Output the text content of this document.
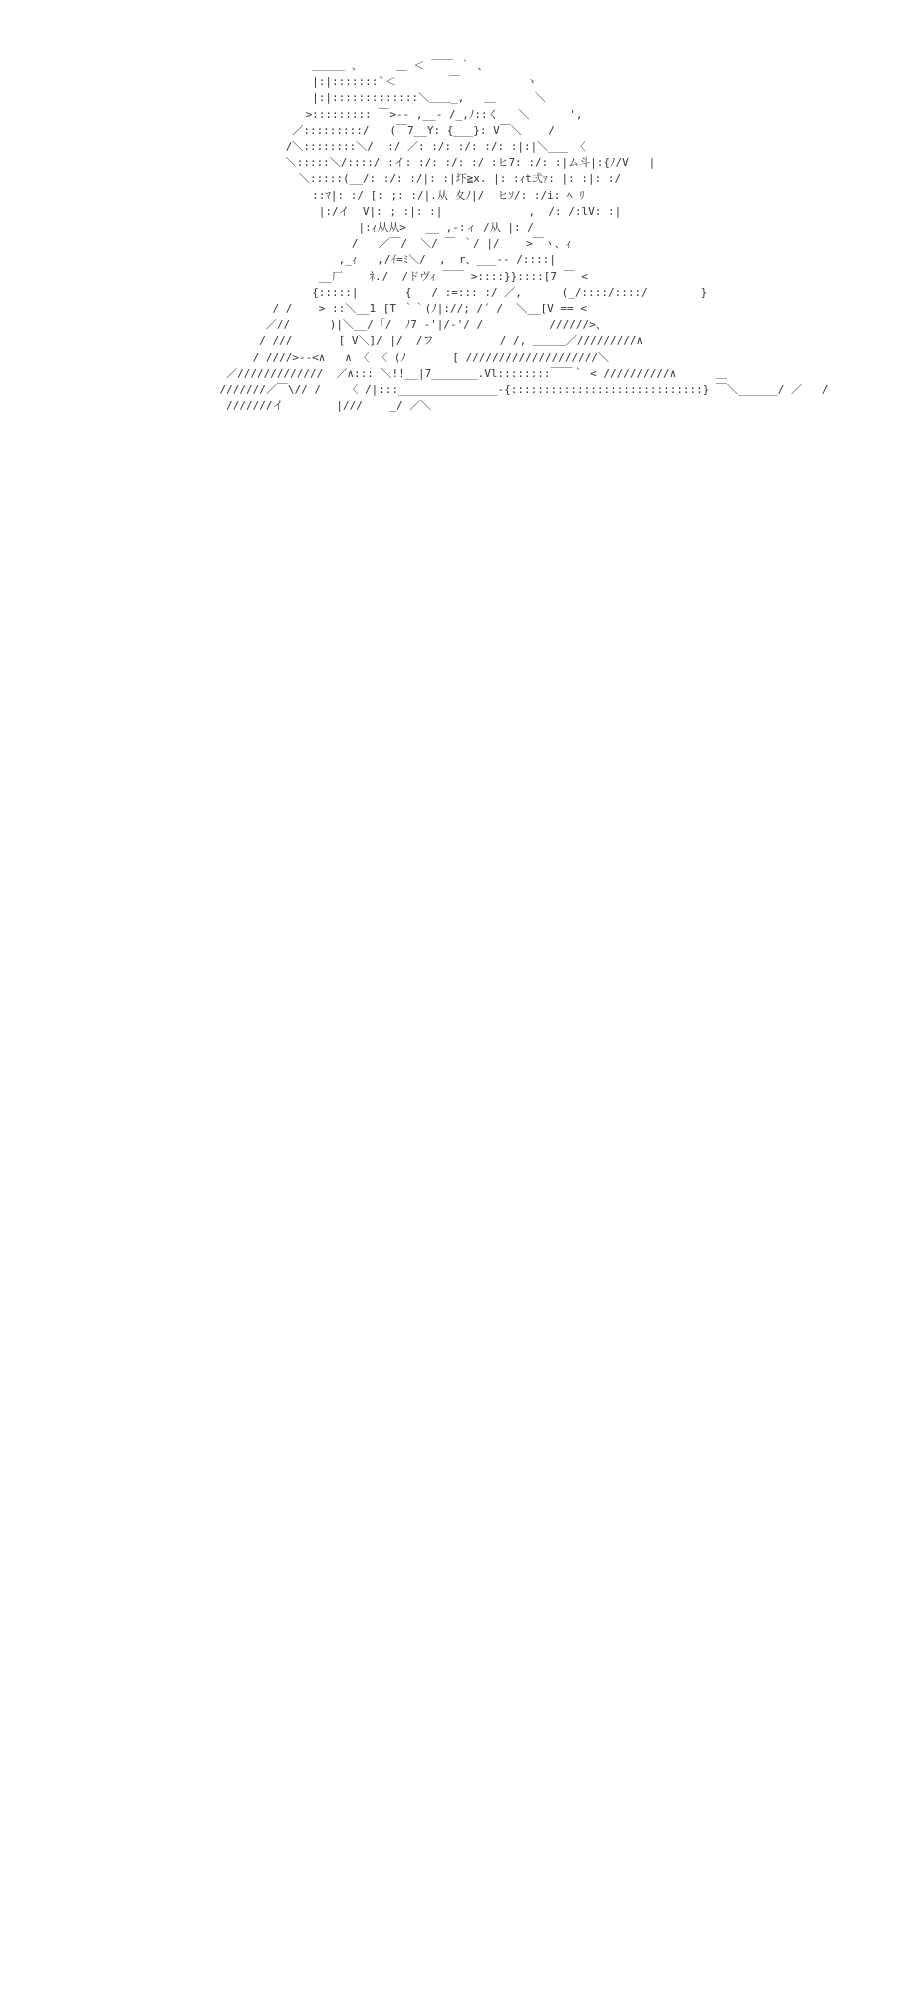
＿＿＿ 、     ＿ ＜ ￣￣ ｀ 、
|:|:::::::`＜        ￣          ヽ
|:|:::::::::::::＼＿＿_,   ＿      ＼
>::::::::: ￣>‐- ,__- /_,ﾉ::く   ＼      ',
／:::::::::/   (￣7__Y: {___}: V￣＼    /
/＼::::::::＼/  :/ ／: :/: :/: :/: :|:|＼___ 〈
＼:::::＼/::::/ :イ: :/: :/: :/ :ヒ7: :/: :|ム斗|:{ﾉ/V   |
＼:::::(__/: :/: :/|: :|圷≧x. |: :ｨt弍ｧ: |: :|: :/
::ﾏ|: :/ [: ;: :/|.从 夊ﾉ|/  ヒｿ/: :/i: ﾍ ﾘ
|:/イ  V|: ; :|: :|             ,  /: /:lV: :|
|:ｨ从从>   __ ,‐:ィ /从 |: /
/   ／￣/  ＼/ ￣ ｀/ |/    >￣ヽ、ｨ
,_ｨ   ,/ｲ=ﾐ＼/  ,  r、___-‐ /::::|
__厂    ﾈ./  /ドヴｨ ￣￣ >::::}}::::[7 ￣ <
{:::::|       {   / :=::: :/ ／,      (_/::::/::::/        }
/ /    > ::＼__1 [T ｀｀(ﾉ|://; /´ /  ＼__[V == <
／//      )|＼__/「/  ﾉ7 ‐'|/-'/ /          //////>、
/ ///       [ V＼]/ |/  /フ          / /, ＿＿＿／/////////∧
/ ////>‐‐<∧   ∧ 〈 〈 (ﾉ       [ ////////////////////＼
／/////////////  ／∧::: ＼!!__|7_______.Vl::::::::￣￣｀ < //////////∧      ＿
///////／￣\// /    〈 /|:::_______________-{:::::::::::::::::::::::::::::} ￣＼______/ ／   /
///////イ        |///    _/ ／＼
